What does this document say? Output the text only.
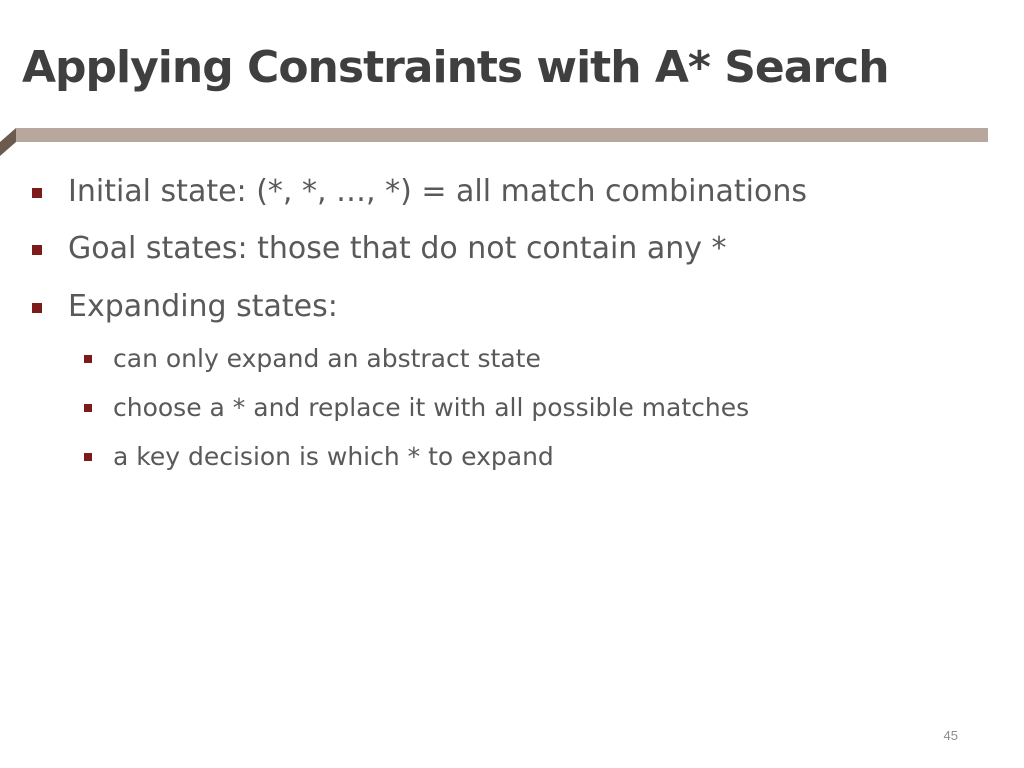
Applying Constraints with A* Search
Initial state: (*, *, …, *) = all match combinations
Goal states: those that do not contain any *
Expanding states:
can only expand an abstract state
choose a * and replace it with all possible matches
a key decision is which * to expand
45
